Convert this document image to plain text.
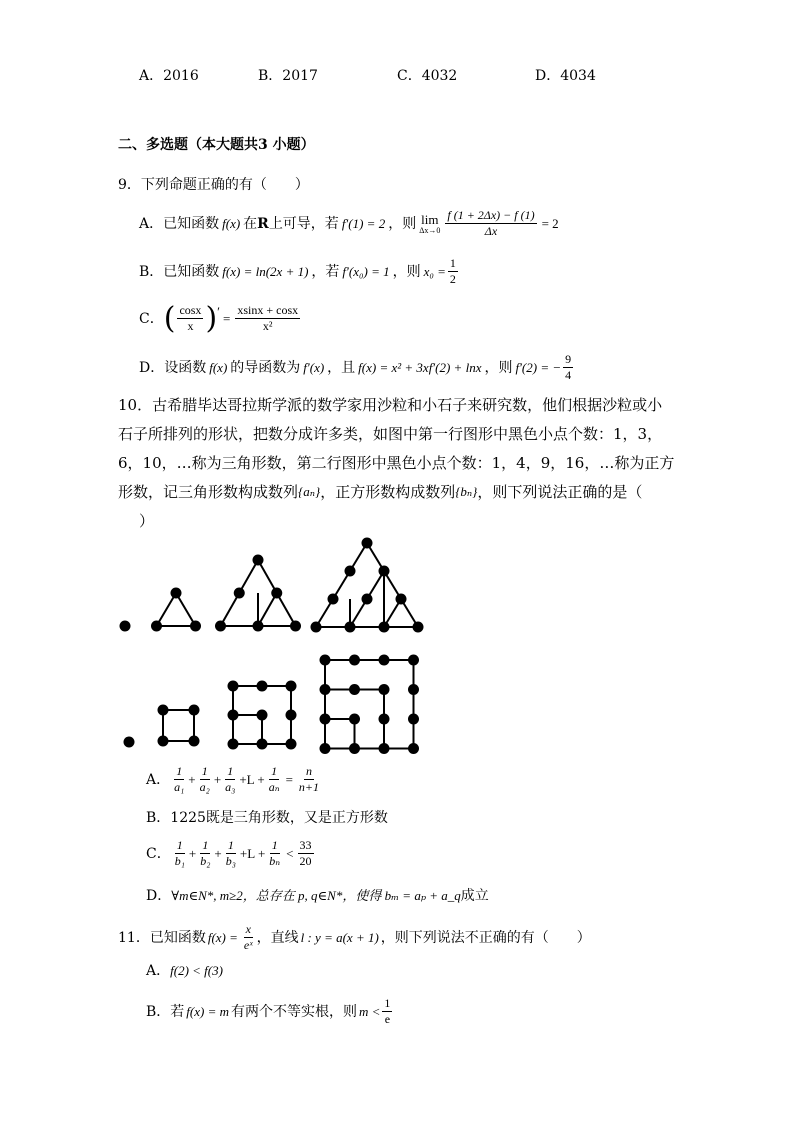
A．2016	B．2017	C．4032	D．4034
二、多选题（本大题共3 小题）
9．下列命题正确的有（　　）
A．已知函数 f(x) 在 R 上可导，若 f′(1) = 2 ，则 lim
$\Delta x\to 0 \frac{f (1 + 2\Delta x) - f (1)}{\Delta x} = 2$
B．已知函数 f(x) = ln(2x + 1) ，若 f′(x₀) = 1 ，则 $x_0 = \frac{1}{2}$
C． ( $\frac{\cos x}{x}$ ) ′ = $\frac{xsinx + \cos x}{\text{x²}}$
D．设函数 f(x) 的导函数为 f′(x) ，且 f(x) = x² + 3xf′(2) + lnx ，则 f′(2) = − $\frac{9}{4}$
10．古希腊毕达哥拉斯学派的数学家用沙粒和小石子来研究数，他们根据沙粒或小
石子所排列的形状，把数分成许多类，如图中第一行图形中黑色小点个数：1，3，
6，10，…称为三角形数，第二行图形中黑色小点个数：1，4，9，16，…称为正方
形数，记三角形数构成数列 {aₙ} ，正方形数构成数列 {bₙ} ，则下列说法正确的是（
）
A． $\frac{1}{\text{a₁}} + \frac{1}{\text{a₂}} + \frac{1}{\text{a₃}} +L + \frac{1}{\text{aₙ}} = \frac{n}{n+1}$
B．1225既是三角形数，又是正方形数
C． $\frac{1}{\text{b₁}} + \frac{1}{\text{b₂}} + \frac{1}{\text{b₃}} +L + \frac{1}{\text{bₙ}} < \frac{33}{20}$
D． ∀m∈N*, m≥2，总存在 p, q∈N*，使得 bₘ = aₚ + a_q 成立
11．已知函数 $f(x) = \frac{x}{\text{eˣ}}$ ，直线 l : y = a(x + 1) ，则下列说法不正确的有（　　）
A． f(2) < f(3)
B．若 f(x) = m 有两个不等实根，则 $m < \frac{1}{e}$
